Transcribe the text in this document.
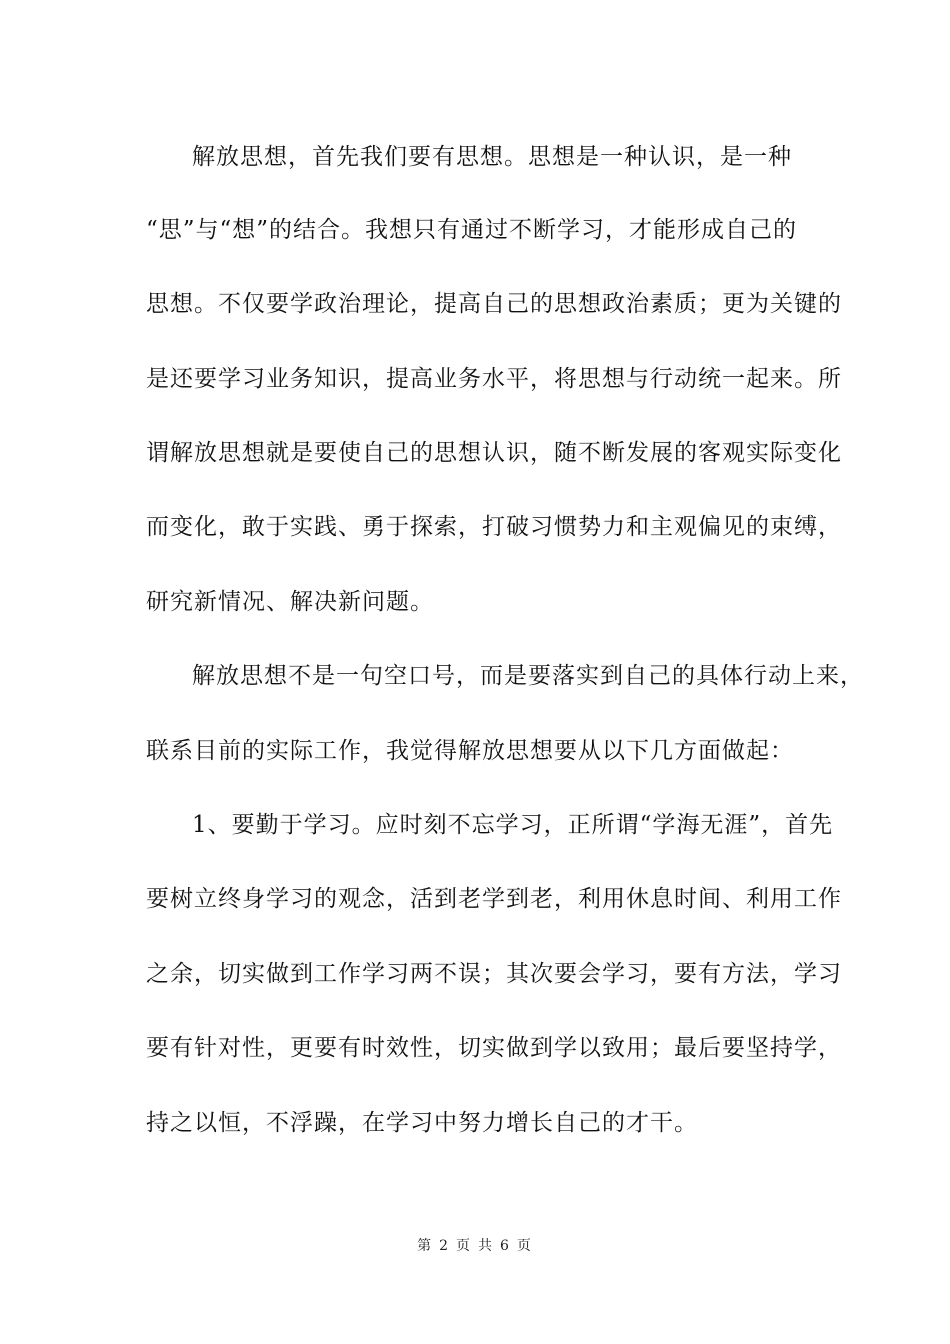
解放思想，首先我们要有思想。思想是一种认识，是一种
“思”与“想”的结合。我想只有通过不断学习，才能形成自己的
思想。不仅要学政治理论，提高自己的思想政治素质；更为关键的
是还要学习业务知识，提高业务水平，将思想与行动统一起来。所
谓解放思想就是要使自己的思想认识，随不断发展的客观实际变化
而变化，敢于实践、勇于探索，打破习惯势力和主观偏见的束缚，
研究新情况、解决新问题。
解放思想不是一句空口号，而是要落实到自己的具体行动上来，
联系目前的实际工作，我觉得解放思想要从以下几方面做起：
1、要勤于学习。应时刻不忘学习，正所谓“学海无涯”，首先
要树立终身学习的观念，活到老学到老，利用休息时间、利用工作
之余，切实做到工作学习两不误；其次要会学习，要有方法，学习
要有针对性，更要有时效性，切实做到学以致用；最后要坚持学，
持之以恒，不浮躁，在学习中努力增长自己的才干。
第 2 页 共 6 页
